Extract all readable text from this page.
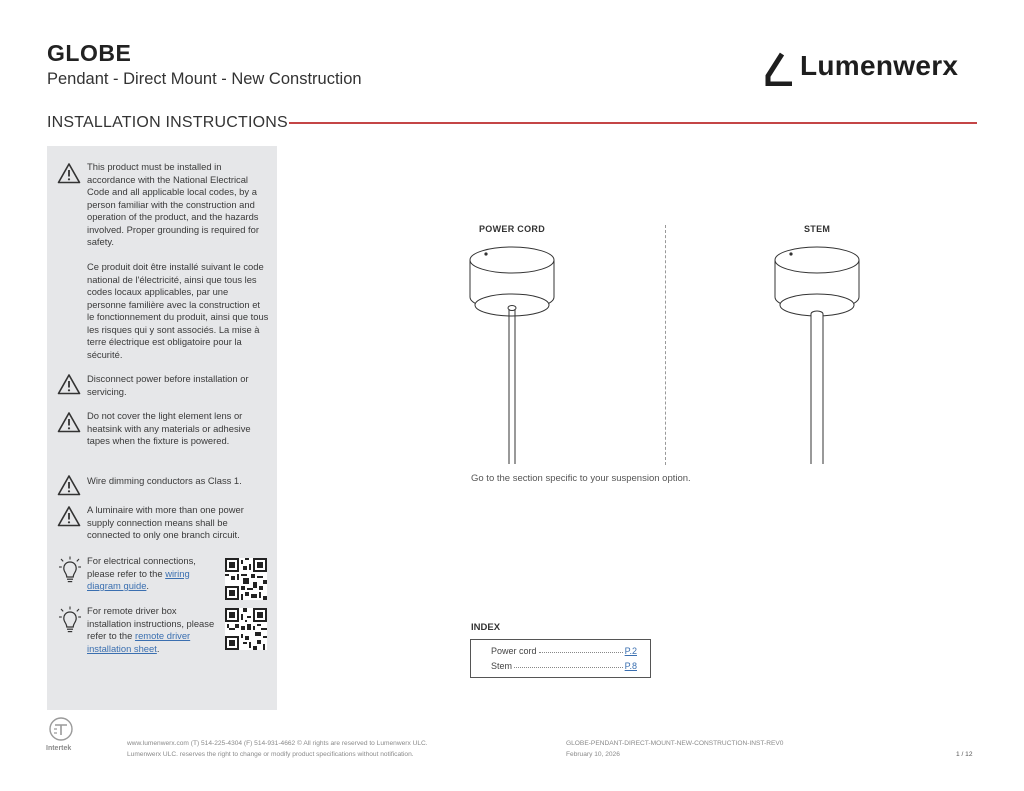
GLOBE
Pendant - Direct Mount - New Construction	Lumenwerx
INSTALLATION INSTRUCTIONS
This product must be installed in accordance with the National Electrical Code and all applicable local codes, by a person familiar with the construction and operation of the product, and the hazards involved. Proper grounding is required for safety.
Ce produit doit être installé suivant le code national de l'électricité, ainsi que tous les codes locaux applicables, par une personne familière avec la construction et le fonctionnement du produit, ainsi que tous les risques qui y sont associés. La mise à terre électrique est obligatoire pour la sécurité.
Disconnect power before installation or servicing.
Do not cover the light element lens or heatsink with any materials or adhesive tapes when the fixture is powered.
Wire dimming conductors as Class 1.
A luminaire with more than one power supply connection means shall be connected to only one branch circuit.
For electrical connections, please refer to the wiring diagram guide.
For remote driver box installation instructions, please refer to the remote driver installation sheet.
POWER CORD	STEM
Go to the section specific to your suspension option.
INDEX
Power cord	P.2
Stem	P.8
Intertek
www.lumenwerx.com (T) 514-225-4304 (F) 514-931-4662 © All rights are reserved to Lumenwerx ULC.
Lumenwerx ULC. reserves the right to change or modify product specifications without notification.
GLOBE-PENDANT-DIRECT-MOUNT-NEW-CONSTRUCTION-INST-REV0
February 10, 2026	1 / 12
